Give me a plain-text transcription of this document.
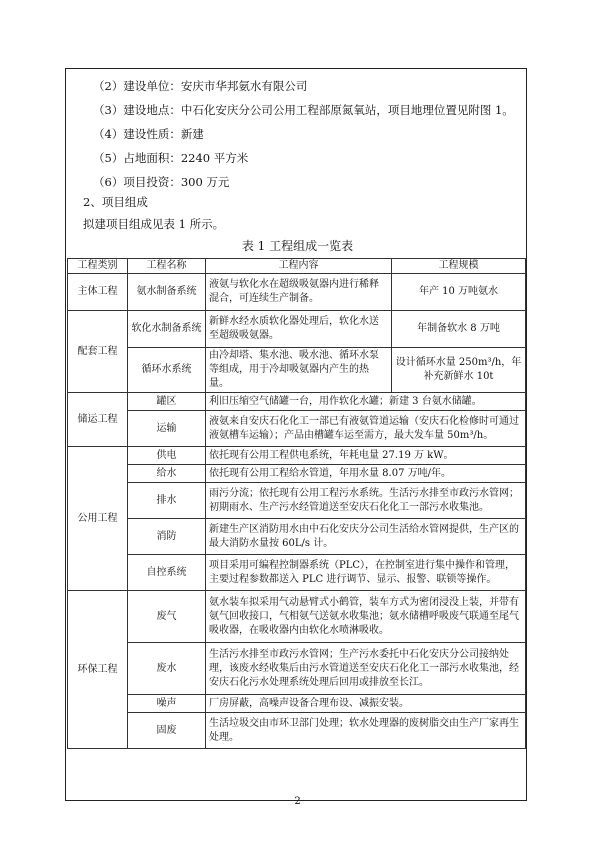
（2）建设单位：安庆市华邦氨水有限公司
（3）建设地点：中石化安庆分公司公用工程部原氮氧站，项目地理位置见附图 1。
（4）建设性质：新建
（5）占地面积：2240 平方米
（6）项目投资：300 万元
2、项目组成
拟建项目组成见表 1 所示。
表 1 工程组成一览表
工程类别	工程名称	工程内容	工程规模
主体工程	氨水制备系统	液氨与软化水在超级吸氨器内进行稀释混合，可连续生产制备。	年产 10 万吨氨水
配套工程	软化水制备系统	新鲜水经水质软化器处理后，软化水送至超级吸氨器。	年制备软水 8 万吨
	循环水系统	由冷却塔、集水池、吸水池、循环水泵等组成，用于冷却吸氨器内产生的热量。	设计循环水量 250m³/h，年补充新鲜水 10t
储运工程	罐区	利旧压缩空气储罐一台，用作软化水罐；新建 3 台氨水储罐。	
	运输	液氨来自安庆石化化工一部已有液氨管道运输（安庆石化检修时可通过液氨槽车运输）；产品由槽罐车运至需方，最大发车量 50m³/h。	
公用工程	供电	依托现有公用工程供电系统，年耗电量 27.19 万 kW。	
	给水	依托现有公用工程给水管道，年用水量 8.07 万吨/年。	
	排水	雨污分流；依托现有公用工程污水系统。生活污水排至市政污水管网；初期雨水、生产污水经管道送至安庆石化化工一部污水收集池。	
	消防	新建生产区消防用水由中石化安庆分公司生活给水管网提供，生产区的最大消防水量按 60L/s 计。	
	自控系统	项目采用可编程控制器系统（PLC），在控制室进行集中操作和管理，主要过程参数都送入 PLC 进行调节、显示、报警、联锁等操作。	
环保工程	废气	氨水装车拟采用气动悬臂式小鹤管，装车方式为密闭浸没上装，并带有氨气回收接口，气相氨气送氨水收集池；氨水储槽呼吸废气联通至尾气吸收器，在吸收器内由软化水喷淋吸收。	
	废水	生活污水排至市政污水管网；生产污水委托中石化安庆分公司接纳处理，该废水经收集后由污水管道送至安庆石化化工一部污水收集池，经安庆石化污水处理系统处理后回用或排放至长江。	
	噪声	厂房屏蔽，高噪声设备合理布设、减振安装。	
	固废	生活垃圾交由市环卫部门处理；软水处理器的废树脂交由生产厂家再生处理。	
2
